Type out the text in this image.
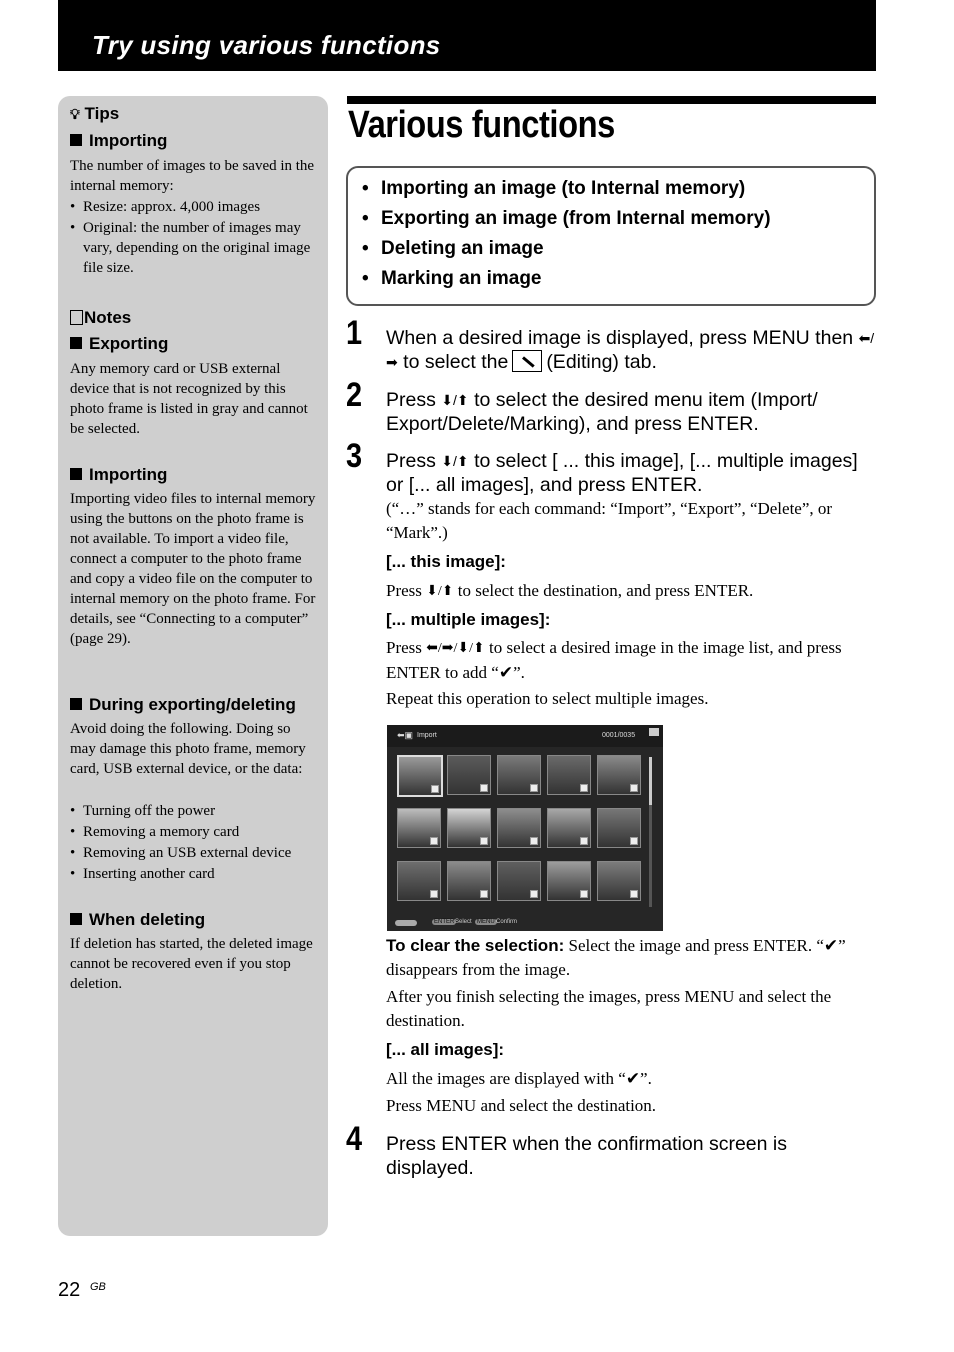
Try using various functions
💡︎ Tips
Importing
The number of images to be saved in the internal memory:
• Resize: approx. 4,000 images
• Original: the number of images may vary, depending on the original image file size.
Notes
Exporting
Any memory card or USB external device that is not recognized by this photo frame is listed in gray and cannot be selected.
Importing
Importing video files to internal memory using the buttons on the photo frame is not available. To import a video file, connect a computer to the photo frame and copy a video file on the computer to internal memory on the photo frame. For details, see “Connecting to a computer” (page 29).
During exporting/deleting
Avoid doing the following. Doing so may damage this photo frame, memory card, USB external device, or the data:
• Turning off the power
• Removing a memory card
• Removing an USB external device
• Inserting another card
When deleting
If deletion has started, the deleted image cannot be recovered even if you stop deletion.
Various functions
• Importing an image (to Internal memory)
• Exporting an image (from Internal memory)
• Deleting an image
• Marking an image
1 When a desired image is displayed, press MENU then ⬅/➡ to select the (Editing) tab.
2 Press ⬇/⬆ to select the desired menu item (Import/ Export/Delete/Marking), and press ENTER.
3 Press ⬇/⬆ to select [ ... this image], [... multiple images] or [... all images], and press ENTER.
(“…” stands for each command: “Import”, “Export”, “Delete”, or “Mark”.)
[... this image]:
Press ⬇/⬆ to select the destination, and press ENTER.
[... multiple images]:
Press ⬅/➡/⬇/⬆ to select a desired image in the image list, and press ENTER to add “✔”.
Repeat this operation to select multiple images.
⬅▣ Import	0001/0035
ENTER Select MENU Confirm
To clear the selection: Select the image and press ENTER. “✔” disappears from the image.
After you finish selecting the images, press MENU and select the destination.
[... all images]:
All the images are displayed with “✔”.
Press MENU and select the destination.
4 Press ENTER when the confirmation screen is displayed.
22 GB
